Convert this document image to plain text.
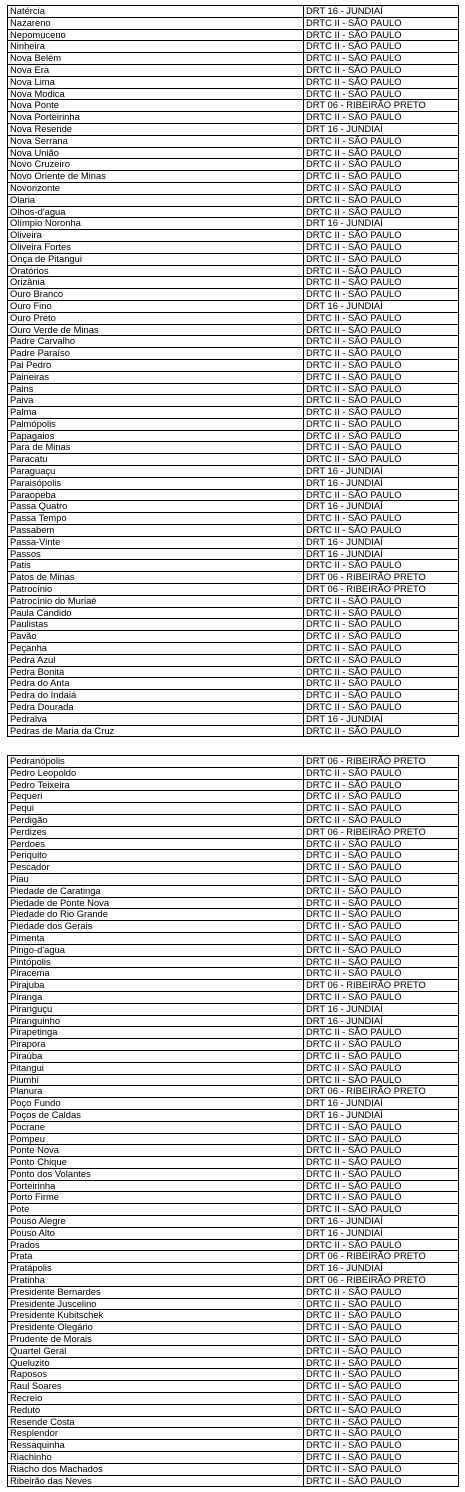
Natércia	DRT 16 - JUNDIAÍ
Nazareno	DRTC II - SÃO PAULO
Nepomuceno	DRTC II - SÃO PAULO
Ninheira	DRTC II - SÃO PAULO
Nova Belém	DRTC II - SÃO PAULO
Nova Era	DRTC II - SÃO PAULO
Nova Lima	DRTC II - SÃO PAULO
Nova Modica	DRTC II - SÃO PAULO
Nova Ponte	DRT 06 - RIBEIRÃO PRETO
Nova Porteirinha	DRTC II - SÃO PAULO
Nova Resende	DRT 16 - JUNDIAÍ
Nova Serrana	DRTC II - SÃO PAULO
Nova União	DRTC II - SÃO PAULO
Novo Cruzeiro	DRTC II - SÃO PAULO
Novo Oriente de Minas	DRTC II - SÃO PAULO
Novorizonte	DRTC II - SÃO PAULO
Olaria	DRTC II - SÃO PAULO
Olhos-d'agua	DRTC II - SÃO PAULO
Olímpio Noronha	DRT 16 - JUNDIAÍ
Oliveira	DRTC II - SÃO PAULO
Oliveira Fortes	DRTC II - SÃO PAULO
Onça de Pitangui	DRTC II - SÃO PAULO
Oratórios	DRTC II - SÃO PAULO
Orizânia	DRTC II - SÃO PAULO
Ouro Branco	DRTC II - SÃO PAULO
Ouro Fino	DRT 16 - JUNDIAÍ
Ouro Preto	DRTC II - SÃO PAULO
Ouro Verde de Minas	DRTC II - SÃO PAULO
Padre Carvalho	DRTC II - SÃO PAULO
Padre Paraíso	DRTC II - SÃO PAULO
Pai Pedro	DRTC II - SÃO PAULO
Paineiras	DRTC II - SÃO PAULO
Pains	DRTC II - SÃO PAULO
Paiva	DRTC II - SÃO PAULO
Palma	DRTC II - SÃO PAULO
Palmópolis	DRTC II - SÃO PAULO
Papagaios	DRTC II - SÃO PAULO
Para de Minas	DRTC II - SÃO PAULO
Paracatu	DRTC II - SÃO PAULO
Paraguaçu	DRT 16 - JUNDIAÍ
Paraisópolis	DRT 16 - JUNDIAÍ
Paraopeba	DRTC II - SÃO PAULO
Passa Quatro	DRT 16 - JUNDIAÍ
Passa Tempo	DRTC II - SÃO PAULO
Passabem	DRTC II - SÃO PAULO
Passa-Vinte	DRT 16 - JUNDIAÍ
Passos	DRT 16 - JUNDIAÍ
Patis	DRTC II - SÃO PAULO
Patos de Minas	DRT 06 - RIBEIRÃO PRETO
Patrocínio	DRT 06 - RIBEIRÃO PRETO
Patrocínio do Muriaé	DRTC II - SÃO PAULO
Paula Candido	DRTC II - SÃO PAULO
Paulistas	DRTC II - SÃO PAULO
Pavão	DRTC II - SÃO PAULO
Peçanha	DRTC II - SÃO PAULO
Pedra Azul	DRTC II - SÃO PAULO
Pedra Bonita	DRTC II - SÃO PAULO
Pedra do Anta	DRTC II - SÃO PAULO
Pedra do Indaiá	DRTC II - SÃO PAULO
Pedra Dourada	DRTC II - SÃO PAULO
Pedralva	DRT 16 - JUNDIAÍ
Pedras de Maria da Cruz	DRTC II - SÃO PAULO
Pedranópolis	DRT 06 - RIBEIRÃO PRETO
Pedro Leopoldo	DRTC II - SÃO PAULO
Pedro Teixeira	DRTC II - SÃO PAULO
Pequeri	DRTC II - SÃO PAULO
Pequi	DRTC II - SÃO PAULO
Perdigão	DRTC II - SÃO PAULO
Perdizes	DRT 06 - RIBEIRÃO PRETO
Perdoes	DRTC II - SÃO PAULO
Periquito	DRTC II - SÃO PAULO
Pescador	DRTC II - SÃO PAULO
Piau	DRTC II - SÃO PAULO
Piedade de Caratinga	DRTC II - SÃO PAULO
Piedade de Ponte Nova	DRTC II - SÃO PAULO
Piedade do Rio Grande	DRTC II - SÃO PAULO
Piedade dos Gerais	DRTC II - SÃO PAULO
Pimenta	DRTC II - SÃO PAULO
Pingo-d'agua	DRTC II - SÃO PAULO
Pintópolis	DRTC II - SÃO PAULO
Piracema	DRTC II - SÃO PAULO
Pirajuba	DRT 06 - RIBEIRÃO PRETO
Piranga	DRTC II - SÃO PAULO
Piranguçu	DRT 16 - JUNDIAÍ
Piranguinho	DRT 16 - JUNDIAÍ
Pirapetinga	DRTC II - SÃO PAULO
Pirapora	DRTC II - SÃO PAULO
Piraúba	DRTC II - SÃO PAULO
Pitangui	DRTC II - SÃO PAULO
Piumhi	DRTC II - SÃO PAULO
Planura	DRT 06 - RIBEIRÃO PRETO
Poço Fundo	DRT 16 - JUNDIAÍ
Poços de Caldas	DRT 16 - JUNDIAÍ
Pocrane	DRTC II - SÃO PAULO
Pompeu	DRTC II - SÃO PAULO
Ponte Nova	DRTC II - SÃO PAULO
Ponto Chique	DRTC II - SÃO PAULO
Ponto dos Volantes	DRTC II - SÃO PAULO
Porteirinha	DRTC II - SÃO PAULO
Porto Firme	DRTC II - SÃO PAULO
Pote	DRTC II - SÃO PAULO
Pouso Alegre	DRT 16 - JUNDIAÍ
Pouso Alto	DRT 16 - JUNDIAÍ
Prados	DRTC II - SÃO PAULO
Prata	DRT 06 - RIBEIRÃO PRETO
Pratápolis	DRT 16 - JUNDIAÍ
Pratinha	DRT 06 - RIBEIRÃO PRETO
Presidente Bernardes	DRTC II - SÃO PAULO
Presidente Juscelino	DRTC II - SÃO PAULO
Presidente Kubitschek	DRTC II - SÃO PAULO
Presidente Olegário	DRTC II - SÃO PAULO
Prudente de Morais	DRTC II - SÃO PAULO
Quartel Geral	DRTC II - SÃO PAULO
Queluzito	DRTC II - SÃO PAULO
Raposos	DRTC II - SÃO PAULO
Raul Soares	DRTC II - SÃO PAULO
Recreio	DRTC II - SÃO PAULO
Reduto	DRTC II - SÃO PAULO
Resende Costa	DRTC II - SÃO PAULO
Resplendor	DRTC II - SÃO PAULO
Ressaquinha	DRTC II - SÃO PAULO
Riachinho	DRTC II - SÃO PAULO
Riacho dos Machados	DRTC II - SÃO PAULO
Ribeirão das Neves	DRTC II - SÃO PAULO
